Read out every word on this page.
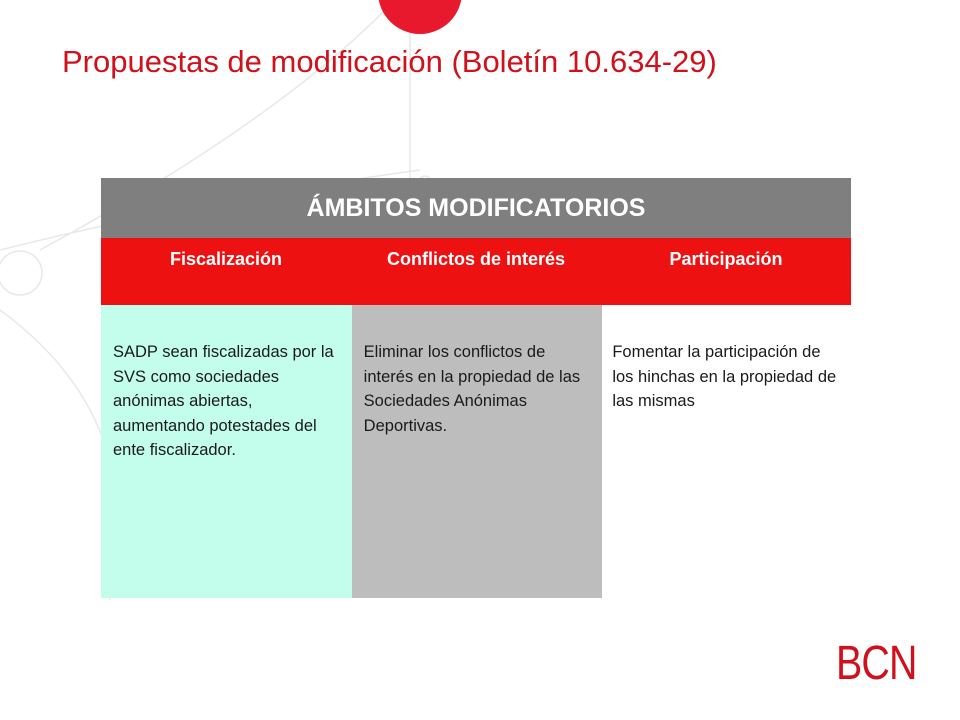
Propuestas de modificación (Boletín 10.634-29)
ÁMBITOS MODIFICATORIOS
Fiscalización	Conflictos de interés	Participación
SADP sean fiscalizadas por la SVS como sociedades anónimas abiertas, aumentando potestades del ente fiscalizador.
Eliminar los conflictos de interés en la propiedad de las Sociedades Anónimas Deportivas.
Fomentar la participación de los hinchas en la propiedad de las mismas
BCN
